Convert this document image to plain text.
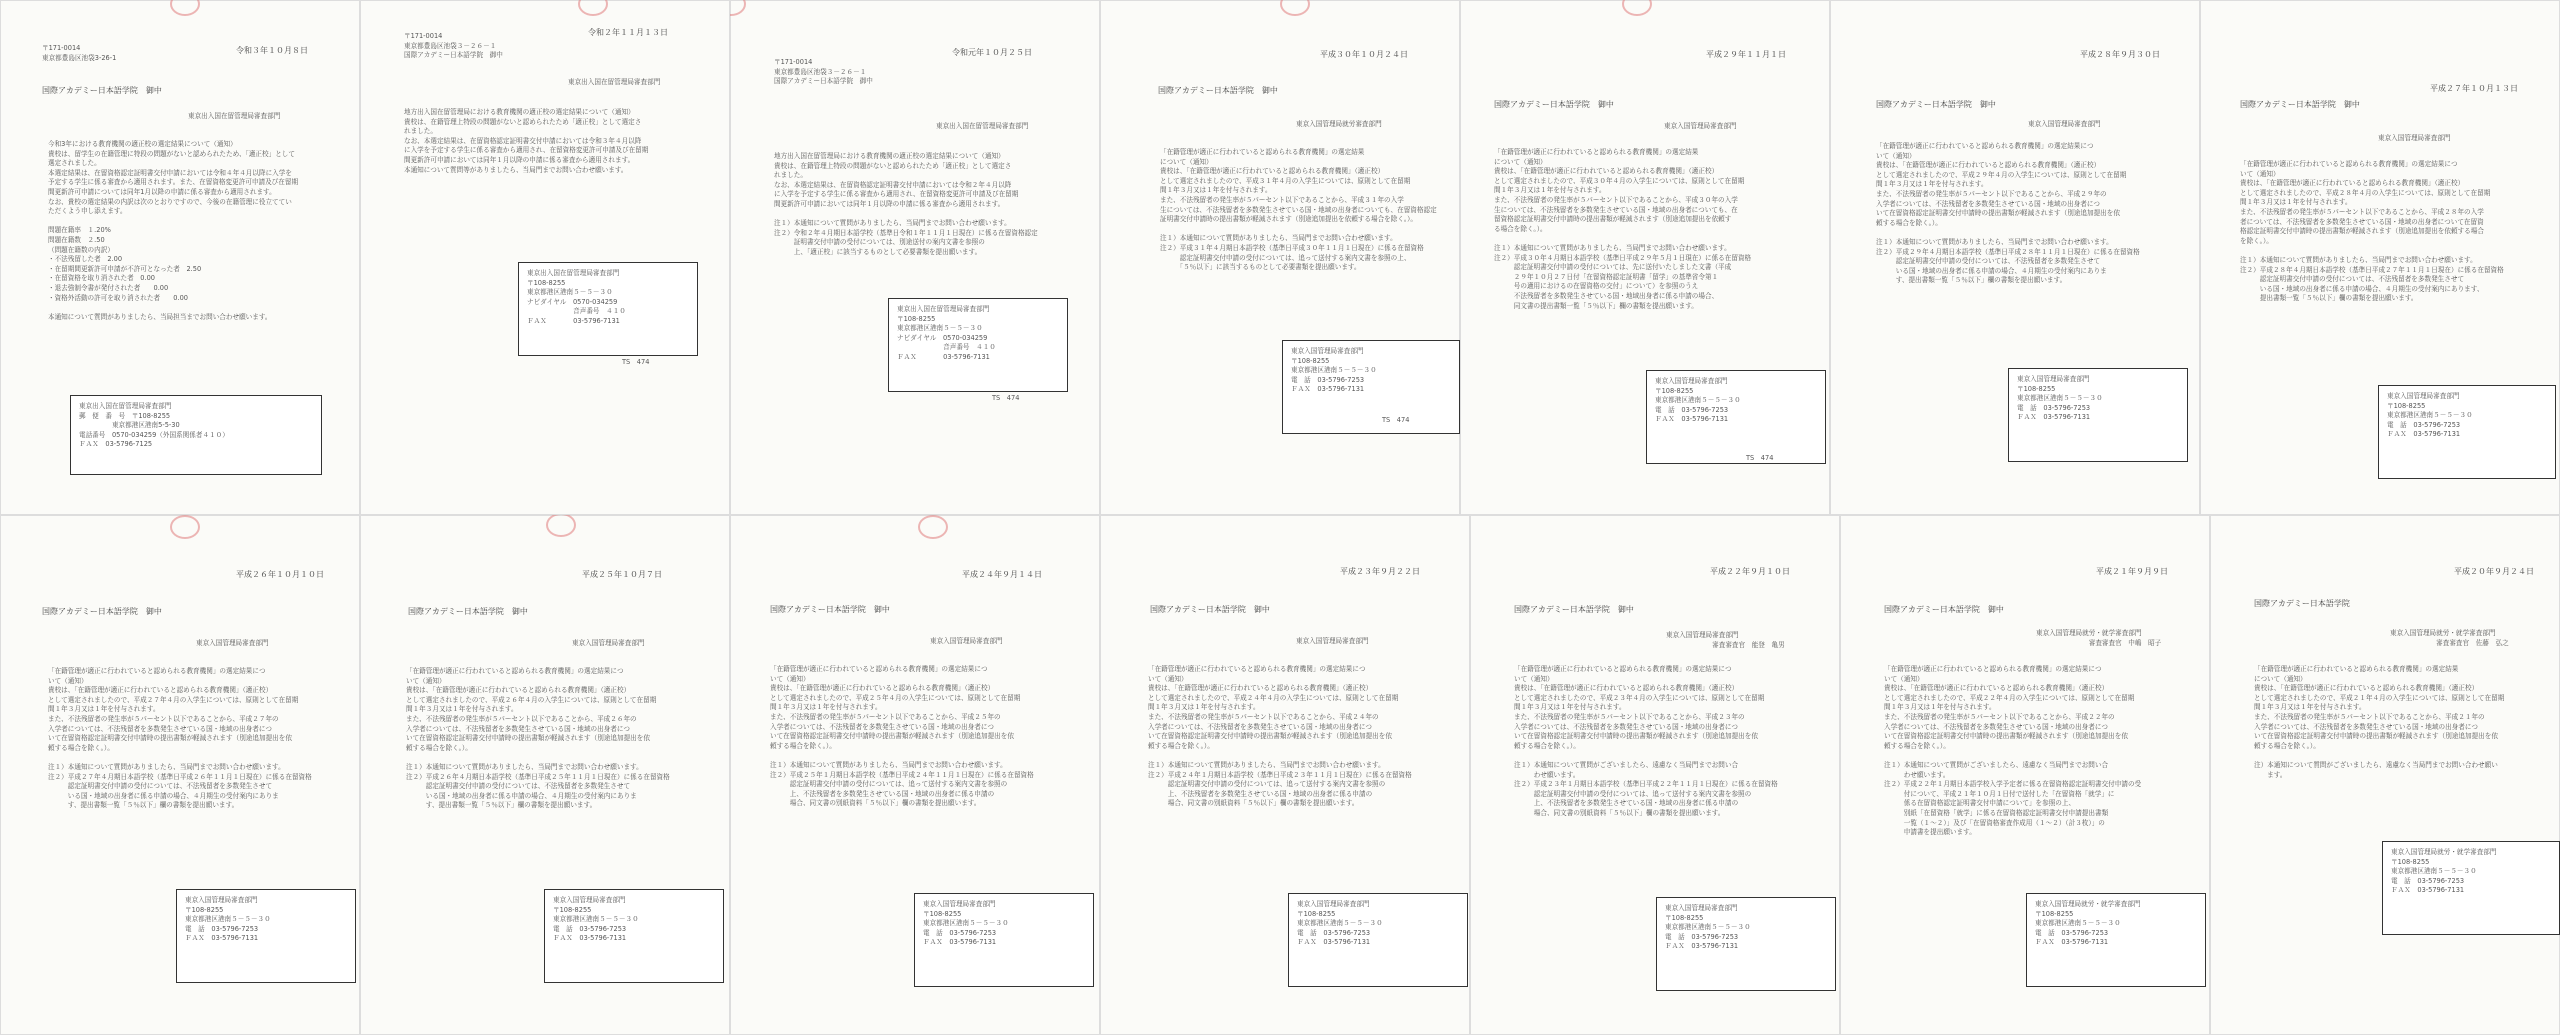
令和３年１０月８日
〒171-0014
東京都豊島区池袋3-26-1
国際アカデミー日本語学院　御中
東京出入国在留管理局審査部門
今和3年における教育機関の適正校の選定結果について（通知）
貴校は、留学生の在籍管理に特段の問題がないと認められたため、「適正校」として
選定されました。
本選定結果は、在留資格認定証明書交付申請においては令和４年４月以降に入学を
予定する学生に係る審査から適用されます。また、在留資格変更許可申請及び在留期
間更新許可申請については同年1月以降の申請に係る審査から適用されます。
なお、貴校の選定結果の内訳は次のとおりですので、今後の在籍管理に役立ててい
ただくよう申し添えます。

問題在籍率　１.20%
問題在籍数　２.50
（問題在籍数の内訳）
・不法残留した者　2.00
・在留期間更新許可申請が不許可となった者　2.50
・在留資格を取り消された者　0.00
・退去強制令書が発付された者　　0.00
・資格外活動の許可を取り消された者　　0.00

本通知について質問がありましたら、当局担当までお問い合わせ願います。
東京出入国在留管理局審査部門
郵　便　番　号　〒108-8255
　　　　　東京都港区港南5-5-30
電話番号　0570-034259（外国系関係者４１０）
ＦＡＸ　03-5796-7125
令和２年１１月１３日
〒171-0014
東京都豊島区池袋３－２６－１
国際アカデミー日本語学院　御中
東京出入国在留管理局審査部門
地方出入国在留管理局における教育機関の適正校の選定結果について（通知）
貴校は、在籍管理上特段の問題がないと認められたため「適正校」として選定さ
れました。
なお、本選定結果は、在留資格認定証明書交付申請においては令和３年４月以降
に入学を予定する学生に係る審査から適用され、在留資格変更許可申請及び在留期
間更新許可申請においては同年１月以降の申請に係る審査から適用されます。
本通知について質問等がありましたら、当局門までお問い合わせ願います。
東京出入国在留管理局審査部門
〒108-8255
東京都港区港南５－５－３０
ナビダイヤル　0570-034259
　　　　　　　音声番号　４１０
ＦＡＸ　　　　03-5796-7131
TS　474
令和元年１０月２５日
〒171-0014
東京都豊島区池袋３－２６－１
国際アカデミー日本語学院　御中
東京出入国在留管理局審査部門
地方出入国在留管理局における教育機関の適正校の選定結果について（通知）
貴校は、在籍管理上特段の問題がないと認められたため「適正校」として選定さ
れました。
なお、本選定結果は、在留資格認定証明書交付申請においては令和２年４月以降
に入学を予定する学生に係る審査から適用され、在留資格変更許可申請及び在留期
間更新許可申請においては同年１月以降の申請に係る審査から適用されます。

注１）本通知について質問がありましたら、当局門までお問い合わせ願います。
注２）令和２年４月期日本語学校（基準日令和１年１１月１日現在）に係る在留資格認定
　　　証明書交付申請の受付については、別途送付の案内文書を参照の
　　　上、「適正校」に該当するものとして必要書類を提出願います。
東京出入国在留管理局審査部門
〒108-8255
東京都港区港南５－５－３０
ナビダイヤル　0570-034259
　　　　　　　音声番号　４１０
ＦＡＸ　　　　03-5796-7131
TS　474
平成３０年１０月２４日
国際アカデミー日本語学院　御中
東京入国管理局就労審査部門
「在籍管理が適正に行われていると認められる教育機関」の選定結果
について（通知）
貴校は、「在籍管理が適正に行われていると認められる教育機関」（適正校）
として選定されましたので、平成３１年４月の入学生については、原則として在留期
間１年３月又は１年を付与されます。
また、不法残留者の発生率が５パーセント以下であることから、平成３１年の入学
生については、不法残留者を多数発生させている国・地域の出身者についても、在留資格認定
証明書交付申請時の提出書類が軽減されます（別途追加提出を依頼する場合を除く。）。

注１）本通知について質問がありましたら、当局門までお問い合わせ願います。
注２）平成３１年４月期日本語学校（基準日平成３０年１１月１日現在）に係る在留資格
　　　認定証明書交付申請の受付については、追って送付する案内文書を参照の上、
　　　「５％以下」に該当するものとして必要書類を提出願います。
東京入国管理局審査部門
〒108-8255
東京都港区港南５－５－３０
電　話　03-5796-7253
ＦＡＸ　03-5796-7131
TS　474
平成２９年１１月１日
国際アカデミー日本語学院　御中
東京入国管理局審査部門
「在籍管理が適正に行われていると認められる教育機関」の選定結果
について（通知）
貴校は、「在籍管理が適正に行われていると認められる教育機関」（適正校）
として選定されましたので、平成３０年４月の入学生については、原則として在留期
間１年３月又は１年を付与されます。
また、不法残留者の発生率が５パーセント以下であることから、平成３０年の入学
生については、不法残留者を多数発生させている国・地域の出身者についても、在
留資格認定証明書交付申請時の提出書類が軽減されます（別途追加提出を依頼す
る場合を除く。）。

注１）本通知について質問がありましたら、当局門までお問い合わせ願います。
注２）平成３０年４月期日本語学校（基準日平成２９年５月１日現在）に係る在留資格
　　　認定証明書交付申請の受付については、先に送付いたしました文書（平成
　　　２９年１０月２７日付「在留資格認定証明書「留学」の基準省令第１
　　　号の適用におけるの在留資格の交付」について）を参照のうえ
　　　不法残留者を多数発生させている国・地域出身者に係る申請の場合、
　　　同文書の提出書類一覧「５％以下」欄の書類を提出願います。
東京入国管理局審査部門
〒108-8255
東京都港区港南５－５－３０
電　話　03-5796-7253
ＦＡＸ　03-5796-7131
TS　474
平成２８年９月３０日
国際アカデミー日本語学院　御中
東京入国管理局審査部門
「在籍管理が適正に行われていると認められる教育機関」の選定結果につ
いて（通知）
貴校は、「在籍管理が適正に行われていると認められる教育機関」（適正校）
として選定されましたので、平成２９年４月の入学生については、原則として在留期
間１年３月又は１年を付与されます。
また、不法残留者の発生率が５パーセント以下であることから、平成２９年の
入学者については、不法残留者を多数発生させている国・地域の出身者につ
いて在留資格認定証明書交付申請時の提出書類が軽減されます（別途追加提出を依
頼する場合を除く。）。

注１）本通知について質問がありましたら、当局門までお問い合わせ願います。
注２）平成２９年４月期日本語学校（基準日平成２８年１１月１日現在）に係る在留資格
　　　認定証明書交付申請の受付については、不法残留者を多数発生させて
　　　いる国・地域の出身者に係る申請の場合、４月期生の受付案内にありま
　　　す、提出書類一覧「５％以下」欄の書類を提出願います。
東京入国管理局審査部門
〒108-8255
東京都港区港南５－５－３０
電　話　03-5796-7253
ＦＡＸ　03-5796-7131
平成２７年１０月１３日
国際アカデミー日本語学院　御中
東京入国管理局審査部門
「在籍管理が適正に行われていると認められる教育機関」の選定結果につ
いて（通知）
貴校は、「在籍管理が適正に行われていると認められる教育機関」（適正校）
として選定されましたので、平成２８年４月の入学生については、原則として在留期
間１年３月又は１年を付与されます。
また、不法残留者の発生率が５パーセント以下であることから、平成２８年の入学
者については、不法残留者を多数発生させている国・地域の出身者について在留資
格認定証明書交付申請時の提出書類が軽減されます（別途追加提出を依頼する場合
を除く。）。

注１）本通知について質問がありましたら、当局門までお問い合わせ願います。
注２）平成２８年４月期日本語学校（基準日平成２７年１１月１日現在）に係る在留資格
　　　認定証明書交付申請の受付については、不法残留者を多数発生させて
　　　いる国・地域の出身者に係る申請の場合、４月期生の受付案内にあります、
　　　提出書類一覧「５％以下」欄の書類を提出願います。
東京入国管理局審査部門
〒108-8255
東京都港区港南５－５－３０
電　話　03-5796-7253
ＦＡＸ　03-5796-7131
平成２６年１０月１０日
国際アカデミー日本語学院　御中
東京入国管理局審査部門
「在籍管理が適正に行われていると認められる教育機関」の選定結果につ
いて（通知）
貴校は、「在籍管理が適正に行われていると認められる教育機関」（適正校）
として選定されましたので、平成２７年４月の入学生については、原則として在留期
間１年３月又は１年を付与されます。
また、不法残留者の発生率が５パーセント以下であることから、平成２７年の
入学者については、不法残留者を多数発生させている国・地域の出身者につ
いて在留資格認定証明書交付申請時の提出書類が軽減されます（別途追加提出を依
頼する場合を除く。）。

注１）本通知について質問がありましたら、当局門までお問い合わせ願います。
注２）平成２７年４月期日本語学校（基準日平成２６年１１月１日現在）に係る在留資格
　　　認定証明書交付申請の受付については、不法残留者を多数発生させて
　　　いる国・地域の出身者に係る申請の場合、４月期生の受付案内にありま
　　　す、提出書類一覧「５％以下」欄の書類を提出願います。
東京入国管理局審査部門
〒108-8255
東京都港区港南５－５－３０
電　話　03-5796-7253
ＦＡＸ　03-5796-7131
平成２５年１０月７日
国際アカデミー日本語学院　御中
東京入国管理局審査部門
「在籍管理が適正に行われていると認められる教育機関」の選定結果につ
いて（通知）
貴校は、「在籍管理が適正に行われていると認められる教育機関」（適正校）
として選定されましたので、平成２６年４月の入学生については、原則として在留期
間１年３月又は１年を付与されます。
また、不法残留者の発生率が５パーセント以下であることから、平成２６年の
入学者については、不法残留者を多数発生させている国・地域の出身者につ
いて在留資格認定証明書交付申請時の提出書類が軽減されます（別途追加提出を依
頼する場合を除く。）。

注１）本通知について質問がありましたら、当局門までお問い合わせ願います。
注２）平成２６年４月期日本語学校（基準日平成２５年１１月１日現在）に係る在留資格
　　　認定証明書交付申請の受付については、不法残留者を多数発生させて
　　　いる国・地域の出身者に係る申請の場合、４月期生の受付案内にありま
　　　す、提出書類一覧「５％以下」欄の書類を提出願います。
東京入国管理局審査部門
〒108-8255
東京都港区港南５－５－３０
電　話　03-5796-7253
ＦＡＸ　03-5796-7131
平成２４年９月１４日
国際アカデミー日本語学院　御中
東京入国管理局審査部門
「在籍管理が適正に行われていると認められる教育機関」の選定結果につ
いて（通知）
貴校は、「在籍管理が適正に行われていると認められる教育機関」（適正校）
として選定されましたので、平成２５年４月の入学生については、原則として在留期
間１年３月又は１年を付与されます。
また、不法残留者の発生率が５パーセント以下であることから、平成２５年の
入学者については、不法残留者を多数発生させている国・地域の出身者につ
いて在留資格認定証明書交付申請時の提出書類が軽減されます（別途追加提出を依
頼する場合を除く。）。

注１）本通知について質問がありましたら、当局門までお問い合わせ願います。
注２）平成２５年１月期日本語学校（基準日平成２４年１１月１日現在）に係る在留資格
　　　認定証明書交付申請の受付については、追って送付する案内文書を参照の
　　　上、不法残留者を多数発生させている国・地域の出身者に係る申請の
　　　場合、同文書の別紙資料「５％以下」欄の書類を提出願います。
東京入国管理局審査部門
〒108-8255
東京都港区港南５－５－３０
電　話　03-5796-7253
ＦＡＸ　03-5796-7131
平成２３年９月２２日
国際アカデミー日本語学院　御中
東京入国管理局審査部門
「在籍管理が適正に行われていると認められる教育機関」の選定結果につ
いて（通知）
貴校は、「在籍管理が適正に行われていると認められる教育機関」（適正校）
として選定されましたので、平成２４年４月の入学生については、原則として在留期
間１年３月又は１年を付与されます。
また、不法残留者の発生率が５パーセント以下であることから、平成２４年の
入学者については、不法残留者を多数発生させている国・地域の出身者につ
いて在留資格認定証明書交付申請時の提出書類が軽減されます（別途追加提出を依
頼する場合を除く。）。

注１）本通知について質問がありましたら、当局門までお問い合わせ願います。
注２）平成２４年１月期日本語学校（基準日平成２３年１１月１日現在）に係る在留資格
　　　認定証明書交付申請の受付については、追って送付する案内文書を参照の
　　　上、不法残留者を多数発生させている国・地域の出身者に係る申請の
　　　場合、同文書の別紙資料「５％以下」欄の書類を提出願います。
東京入国管理局審査部門
〒108-8255
東京都港区港南５－５－３０
電　話　03-5796-7253
ＦＡＸ　03-5796-7131
平成２２年９月１０日
国際アカデミー日本語学院　御中
東京入国管理局審査部門
　　　　　　　審査審査官　能登　亀男
「在籍管理が適正に行われていると認められる教育機関」の選定結果につ
いて（通知）
貴校は、「在籍管理が適正に行われていると認められる教育機関」（適正校）
として選定されましたので、平成２３年４月の入学生については、原則として在留期
間１年３月又は１年を付与されます。
また、不法残留者の発生率が５パーセント以下であることから、平成２３年の
入学者については、不法残留者を多数発生させている国・地域の出身者につ
いて在留資格認定証明書交付申請時の提出書類が軽減されます（別途追加提出を依
頼する場合を除く。）。

注１）本通知について質問がございましたら、遠慮なく当局門までお問い合
　　　わせ願います。
注２）平成２３年１月期日本語学校（基準日平成２２年１１月１日現在）に係る在留資格
　　　認定証明書交付申請の受付については、追って送付する案内文書を参照の
　　　上、不法残留者を多数発生させている国・地域の出身者に係る申請の
　　　場合、同文書の別紙資料「５％以下」欄の書類を提出願います。
東京入国管理局審査部門
〒108-8255
東京都港区港南５－５－３０
電　話　03-5796-7253
ＦＡＸ　03-5796-7131
平成２１年９月９日
国際アカデミー日本語学院　御中
東京入国管理局就労・就学審査部門
　　　　　　　　審査審査官　中嶋　昭子
「在籍管理が適正に行われていると認められる教育機関」の選定結果につ
いて（通知）
貴校は、「在籍管理が適正に行われていると認められる教育機関」（適正校）
として選定されましたので、平成２２年４月の入学生については、原則として在留期
間１年３月又は１年を付与されます。
また、不法残留者の発生率が５パーセント以下であることから、平成２２年の
入学者については、不法残留者を多数発生させている国・地域の出身者につ
いて在留資格認定証明書交付申請時の提出書類が軽減されます（別途追加提出を依
頼する場合を除く。）。

注１）本通知について質問がございましたら、遠慮なく当局門までお問い合
　　　わせ願います。
注２）平成２２年１月期日本語学校入学予定者に係る在留資格認定証明書交付申請の受
　　　付について、平成２１年１０月１日付で送付した「在留資格「就学」に
　　　係る在留資格認定証明書交付申請について」を参照の上、
　　　別紙「在留資格「就学」に係る在留資格認定証明書交付申請提出書類
　　　一覧（１～２）」及び「在留資格審査作成用（１～２）（計３枚）」の
　　　申請書を提出願います。
東京入国管理局就労・就学審査部門
〒108-8255
東京都港区港南５－５－３０
電　話　03-5796-7253
ＦＡＸ　03-5796-7131
平成２０年９月２４日
国際アカデミー日本語学院
東京入国管理局就労・就学審査部門
　　　　　　　審査審査官　佐藤　弘之
「在籍管理が適正に行われていると認められる教育機関」の選定結果
について（通知）
貴校は、「在籍管理が適正に行われていると認められる教育機関」（適正校）
として選定されましたので、平成２１年４月の入学生については、原則として在留期
間１年３月又は１年を付与されます。
また、不法残留者の発生率が５パーセント以下であることから、平成２１年の
入学者については、不法残留者を多数発生させている国・地域の出身者につ
いて在留資格認定証明書交付申請時の提出書類が軽減されます（別途追加提出を依
頼する場合を除く。）。

注）本通知について質問がございましたら、遠慮なく当局門までお問い合わせ願い
　　ます。
東京入国管理局就労・就学審査部門
〒108-8255
東京都港区港南５－５－３０
電　話　03-5796-7253
ＦＡＸ　03-5796-7131
